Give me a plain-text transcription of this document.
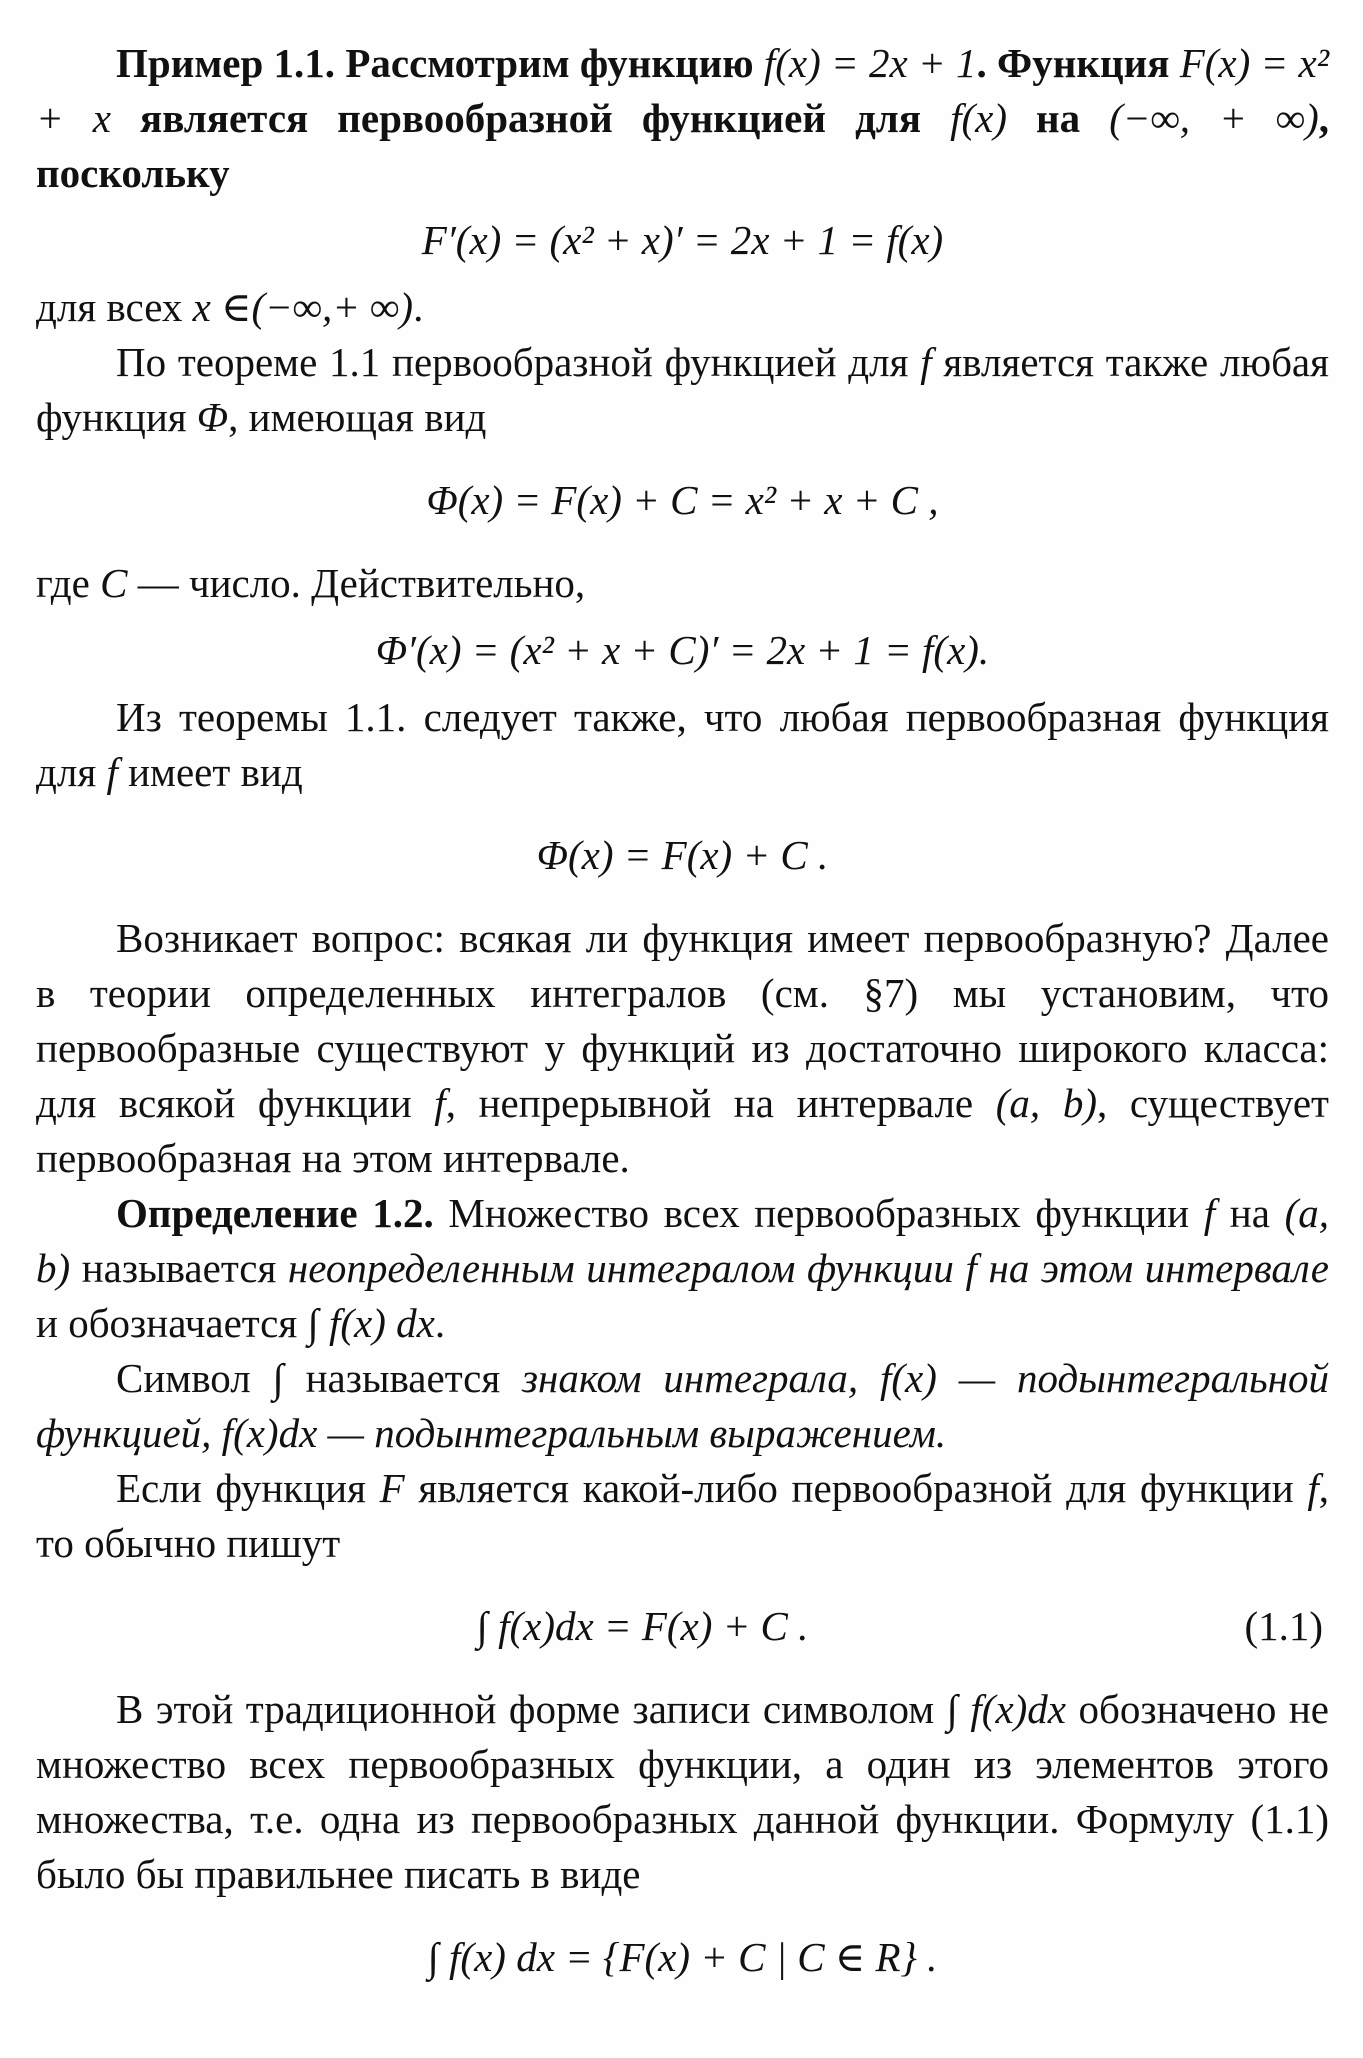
Пример 1.1. Рассмотрим функцию f(x) = 2x + 1. Функция F(x) = x² + x является первообразной функцией для f(x) на (−∞, + ∞), поскольку

F′(x) = (x² + x)′ = 2x + 1 = f(x)

для всех x ∈(−∞,+ ∞).

По теореме 1.1 первообразной функцией для f является также любая функция Φ, имеющая вид

Φ(x) = F(x) + C = x² + x + C ,

где C — число. Действительно,

Φ′(x) = (x² + x + C)′ = 2x + 1 = f(x).

Из теоремы 1.1. следует также, что любая первообразная функция для f имеет вид

Φ(x) = F(x) + C .

Возникает вопрос: всякая ли функция имеет первообразную? Далее в теории определенных интегралов (см. §7) мы установим, что первообразные существуют у функций из достаточно широкого класса: для всякой функции f, непрерывной на интервале (a, b), существует первообразная на этом интервале.

Определение 1.2. Множество всех первообразных функции f на (a, b) называется неопределенным интегралом функции f на этом интервале и обозначается ∫ f(x) dx.

Символ ∫ называется знаком интеграла, f(x) — подынтегральной функцией, f(x)dx — подынтегральным выражением.

Если функция F является какой-либо первообразной для функции f, то обычно пишут

∫ f(x)dx = F(x) + C .	(1.1)

В этой традиционной форме записи символом ∫ f(x)dx обозначено не множество всех первообразных функции, а один из элементов этого множества, т.е. одна из первообразных данной функции. Формулу (1.1) было бы правильнее писать в виде

∫ f(x) dx = {F(x) + C | C ∈ R} .
